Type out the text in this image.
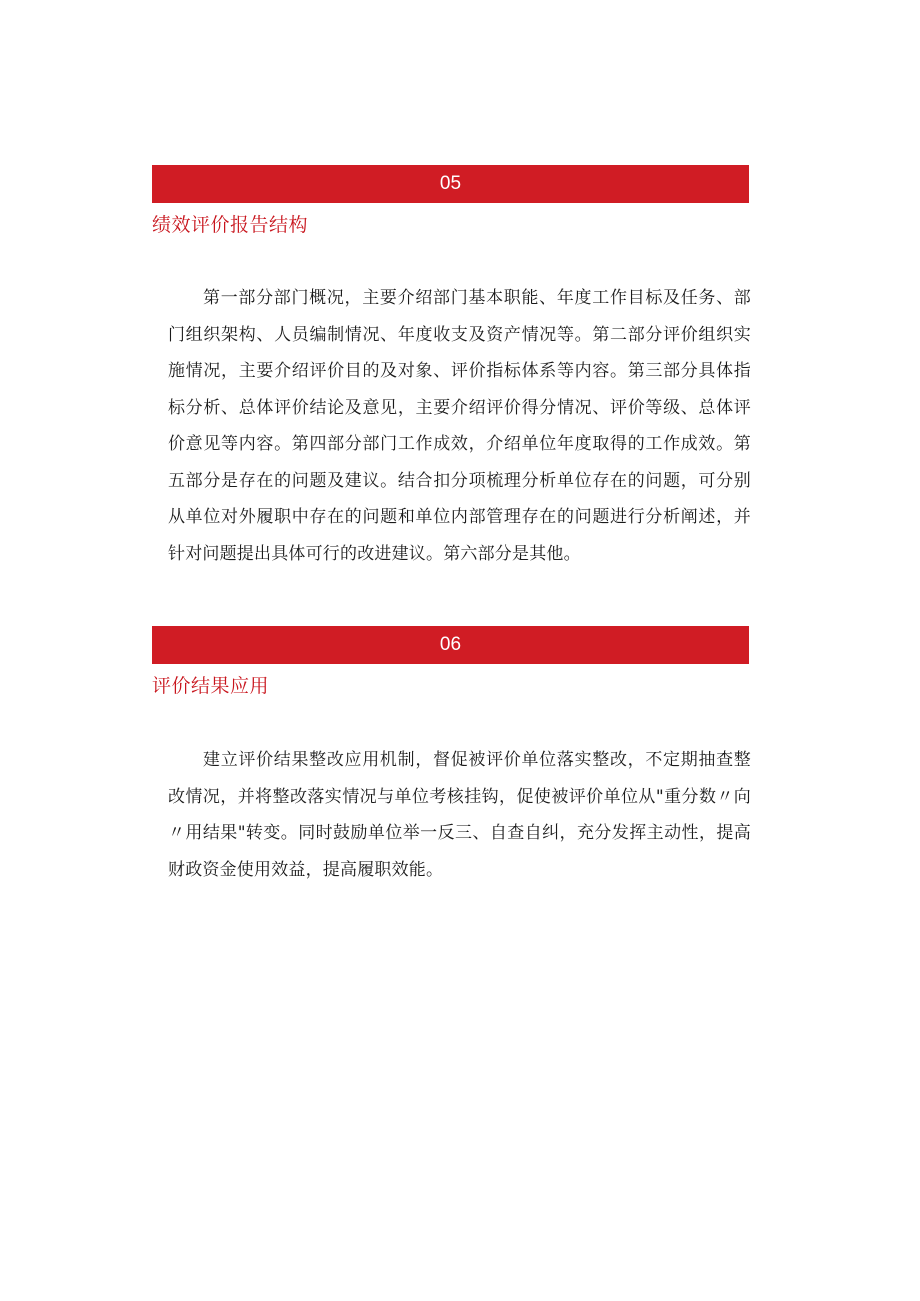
05
绩效评价报告结构

第一部分部门概况，主要介绍部门基本职能、年度工作目标及任务、部门组织架构、人员编制情况、年度收支及资产情况等。第二部分评价组织实施情况，主要介绍评价目的及对象、评价指标体系等内容。第三部分具体指标分析、总体评价结论及意见，主要介绍评价得分情况、评价等级、总体评价意见等内容。第四部分部门工作成效，介绍单位年度取得的工作成效。第五部分是存在的问题及建议。结合扣分项梳理分析单位存在的问题，可分别从单位对外履职中存在的问题和单位内部管理存在的问题进行分析阐述，并针对问题提出具体可行的改进建议。第六部分是其他。

06
评价结果应用

建立评价结果整改应用机制，督促被评价单位落实整改，不定期抽查整改情况，并将整改落实情况与单位考核挂钩，促使被评价单位从"重分数〃向〃用结果"转变。同时鼓励单位举一反三、自查自纠，充分发挥主动性，提高财政资金使用效益，提高履职效能。
